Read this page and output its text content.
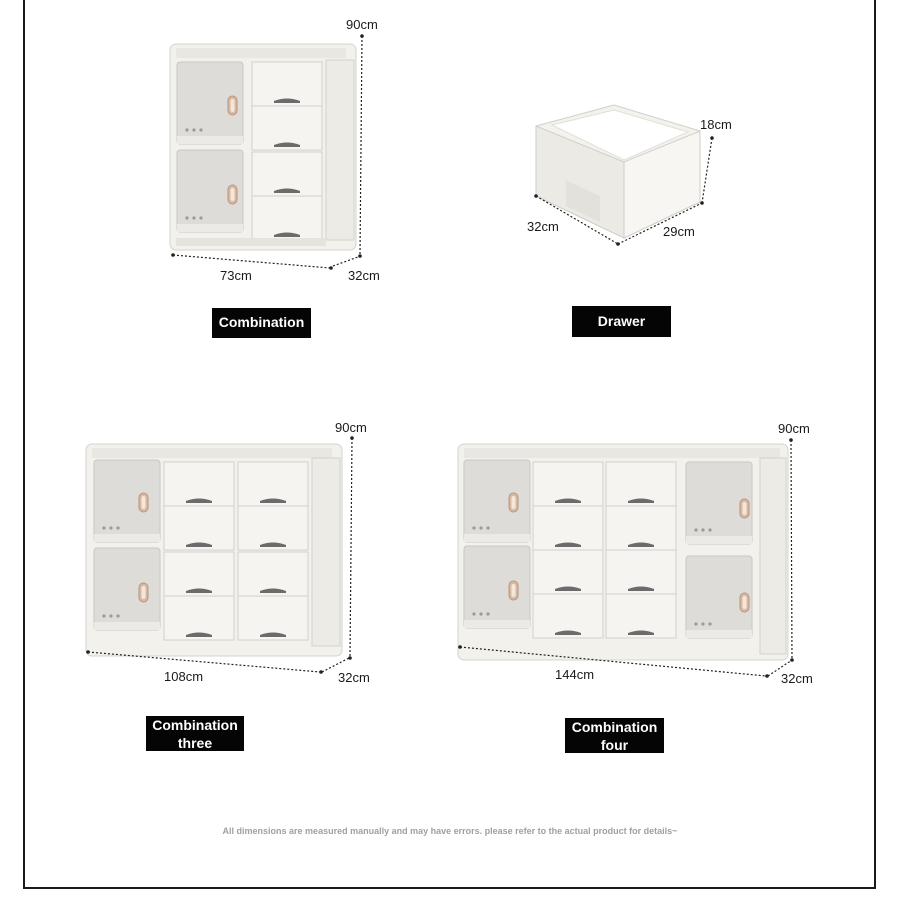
90cm
73cm	32cm
Combination
18cm
32cm	29cm
Drawer
90cm
108cm	32cm
Combination
three
90cm
144cm	32cm
Combination
four
All dimensions are measured manually and may have errors. please refer to the actual product for details~
